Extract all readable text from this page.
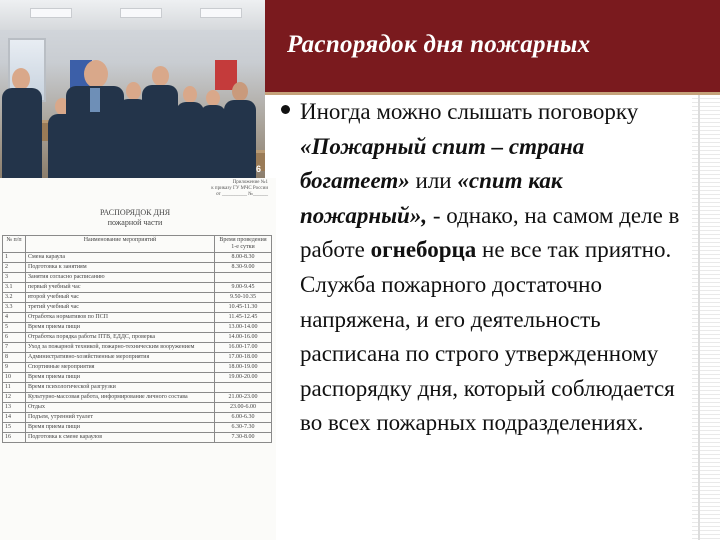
6
Приложение №1
к приказу ГУ МЧС России
от __________ №______
РАСПОРЯДОК ДНЯ
пожарной части
№ п/п	Наименование мероприятий	Время проведения 1-е сутки
1	Смена караула	8.00-8.30
2	Подготовка к занятиям	8.30-9.00
3	Занятия согласно расписанию	
3.1	первый учебный час	9.00-9.45
3.2	второй учебный час	9.50-10.35
3.3	третий учебный час	10.45-11.30
4	Отработка нормативов по ПСП	11.45-12.45
5	Время приема пищи	13.00-14.00
6	Отработка порядка работы ПТВ, ЕДДС, проверка	14.00-16.00
7	Уход за пожарной техникой, пожарно-техническим вооружением	16.00-17.00
8	Административно-хозяйственные мероприятия	17.00-18.00
9	Спортивные мероприятия	18.00-19.00
10	Время приема пищи	19.00-20.00
11	Время психологической разгрузки	
12	Культурно-массовая работа, информирование личного состава	21.00-23.00
13	Отдых	23.00-6.00
14	Подъем, утренний туалет	6.00-6.30
15	Время приема пищи	6.30-7.30
16	Подготовка к смене караулов	7.30-8.00
Распорядок дня пожарных

Иногда можно слышать поговорку «Пожарный спит – страна богатеет» или «спит как пожарный», - однако, на самом деле в работе огнеборца не все так приятно. Служба пожарного достаточно напряжена, и его деятельность расписана по строго утвержденному распорядку дня, который соблюдается во всех пожарных подразделениях.
